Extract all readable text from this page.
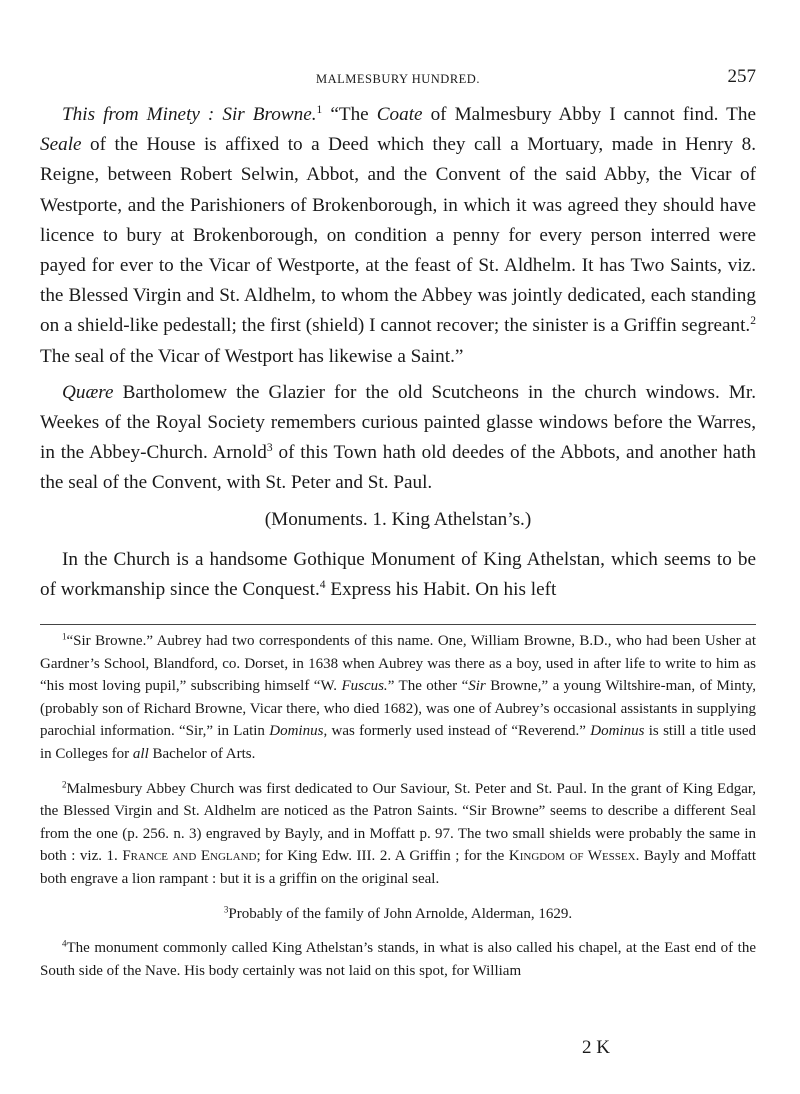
MALMESBURY HUNDRED.	257

This from Minety : Sir Browne.$^1$ “The Coate of Malmesbury Abby I cannot find. The Seale of the House is affixed to a Deed which they call a Mortuary, made in Henry 8. Reigne, between Robert Selwin, Abbot, and the Convent of the said Abby, the Vicar of Westporte, and the Parishioners of Brokenborough, in which it was agreed they should have licence to bury at Brokenborough, on condition a penny for every person interred were payed for ever to the Vicar of Westporte, at the feast of St. Aldhelm. It has Two Saints, viz. the Blessed Virgin and St. Aldhelm, to whom the Abbey was jointly dedicated, each standing on a shield-like pedestall; the first (shield) I cannot recover; the sinister is a Griffin segreant.$^2$ The seal of the Vicar of Westport has likewise a Saint.”

Quære Bartholomew the Glazier for the old Scutcheons in the church windows. Mr. Weekes of the Royal Society remembers curious painted glasse windows before the Warres, in the Abbey-Church. Arnold$^3$ of this Town hath old deedes of the Abbots, and another hath the seal of the Convent, with St. Peter and St. Paul.

(Monuments. 1. King Athelstan’s.)

In the Church is a handsome Gothique Monument of King Athelstan, which seems to be of workmanship since the Conquest.$^4$ Express his Habit. On his left

$^1$“Sir Browne.” Aubrey had two correspondents of this name. One, William Browne, B.D., who had been Usher at Gardner’s School, Blandford, co. Dorset, in 1638 when Aubrey was there as a boy, used in after life to write to him as “his most loving pupil,” subscribing himself “W. Fuscus.” The other “Sir Browne,” a young Wiltshire-man, of Minty, (probably son of Richard Browne, Vicar there, who died 1682), was one of Aubrey’s occasional assistants in supplying parochial information. “Sir,” in Latin Dominus, was formerly used instead of “Reverend.” Dominus is still a title used in Colleges for all Bachelor of Arts.

$^2$Malmesbury Abbey Church was first dedicated to Our Saviour, St. Peter and St. Paul. In the grant of King Edgar, the Blessed Virgin and St. Aldhelm are noticed as the Patron Saints. “Sir Browne” seems to describe a different Seal from the one (p. 256. n. 3) engraved by Bayly, and in Moffatt p. 97. The two small shields were probably the same in both : viz. 1. France and England; for King Edw. III. 2. A Griffin ; for the Kingdom of Wessex. Bayly and Moffatt both engrave a lion rampant : but it is a griffin on the original seal.

$^3$Probably of the family of John Arnolde, Alderman, 1629.

$^4$The monument commonly called King Athelstan’s stands, in what is also called his chapel, at the East end of the South side of the Nave. His body certainly was not laid on this spot, for William

2 K
